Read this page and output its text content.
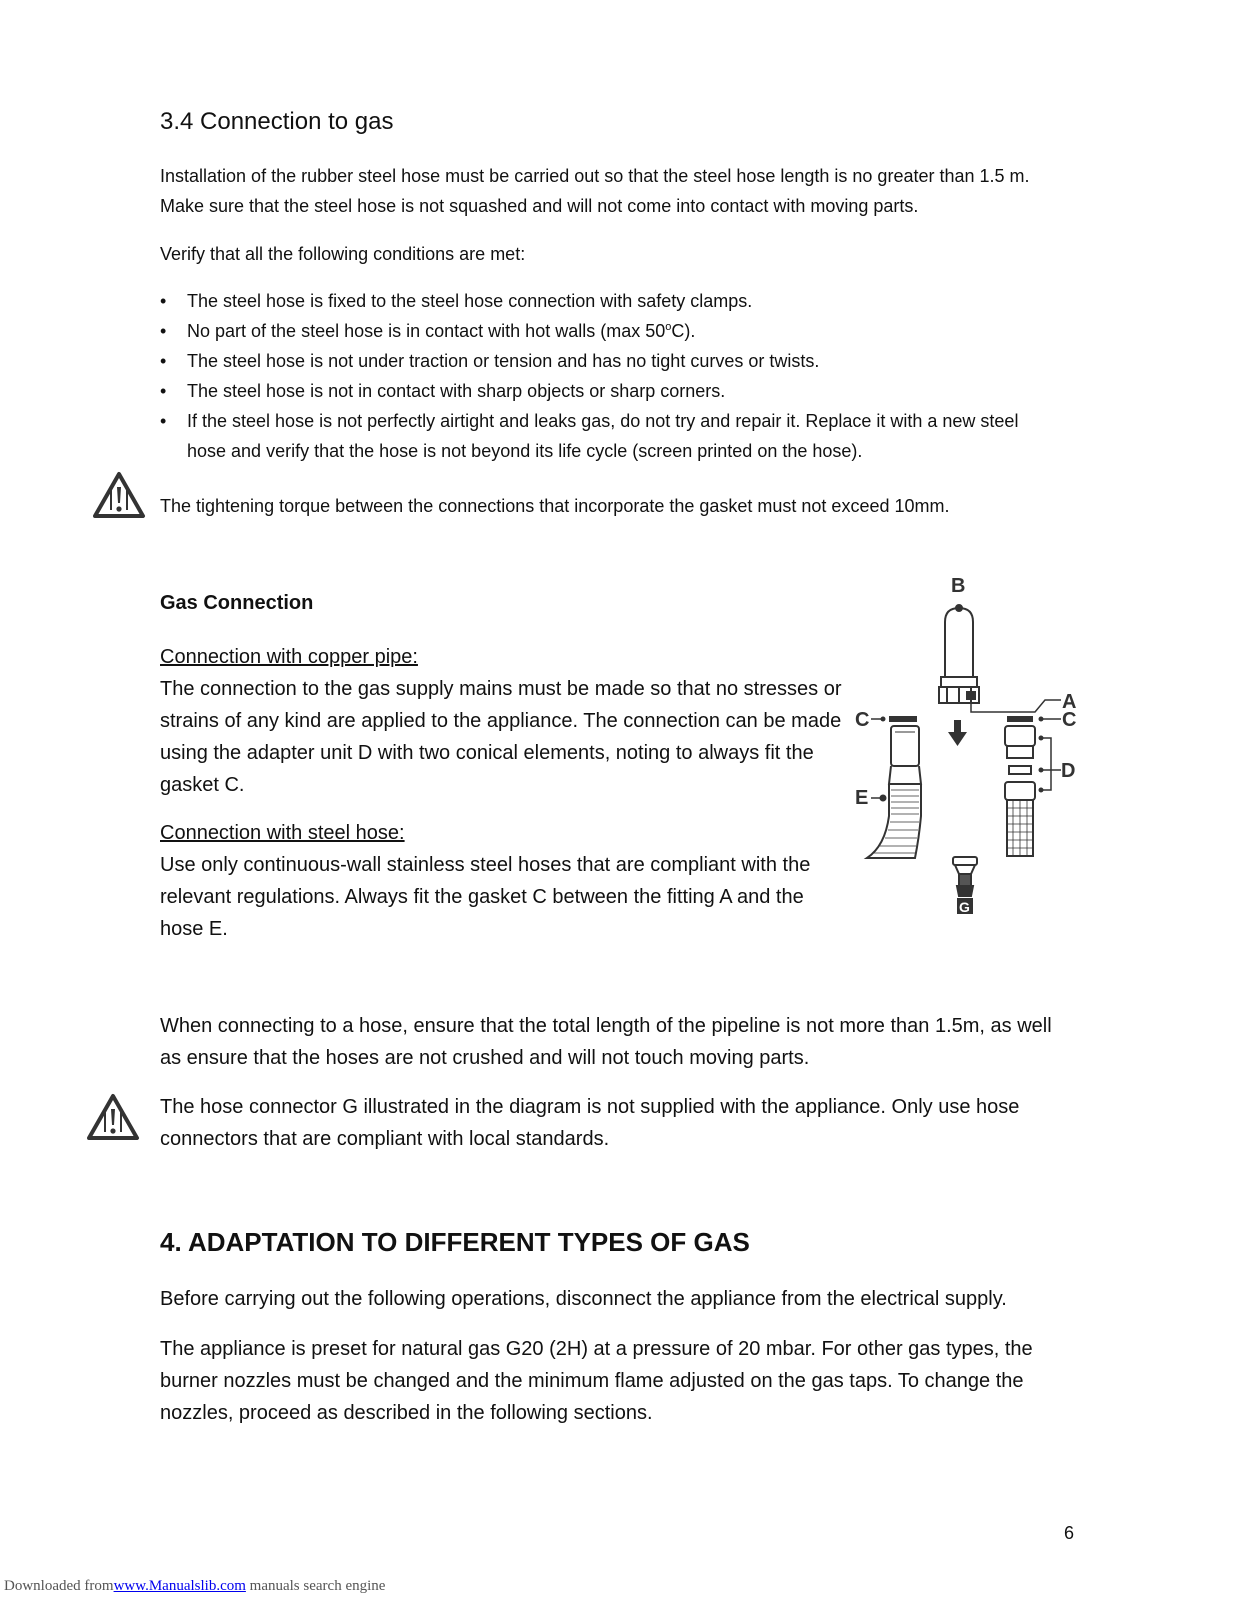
3.4 Connection to gas
Installation of the rubber steel hose must be carried out so that the steel hose length is no greater than 1.5 m. Make sure that the steel hose is not squashed and will not come into contact with moving parts.
Verify that all the following conditions are met:
• The steel hose is fixed to the steel hose connection with safety clamps.
• No part of the steel hose is in contact with hot walls (max 50$^o$C).
• The steel hose is not under traction or tension and has no tight curves or twists.
• The steel hose is not in contact with sharp objects or sharp corners.
• If the steel hose is not perfectly airtight and leaks gas, do not try and repair it. Replace it with a new steel hose and verify that the hose is not beyond its life cycle (screen printed on the hose).
The tightening torque between the connections that incorporate the gasket must not exceed 10mm.
Gas Connection
Connection with copper pipe:
The connection to the gas supply mains must be made so that no stresses or strains of any kind are applied to the appliance. The connection can be made using the adapter unit D with two conical elements, noting to always fit the gasket C.
Connection with steel hose:
Use only continuous-wall stainless steel hoses that are compliant with the relevant regulations. Always fit the gasket C between the fitting A and the hose E.
B
A
C
E
C
D
G
When connecting to a hose, ensure that the total length of the pipeline is not more than 1.5m, as well as ensure that the hoses are not crushed and will not touch moving parts.
The hose connector G illustrated in the diagram is not supplied with the appliance. Only use hose connectors that are compliant with local standards.
4. ADAPTATION TO DIFFERENT TYPES OF GAS
Before carrying out the following operations, disconnect the appliance from the electrical supply.
The appliance is preset for natural gas G20 (2H) at a pressure of 20 mbar. For other gas types, the burner nozzles must be changed and the minimum flame adjusted on the gas taps. To change the nozzles, proceed as described in the following sections.
6
Downloaded fromwww.Manualslib.com manuals search engine
